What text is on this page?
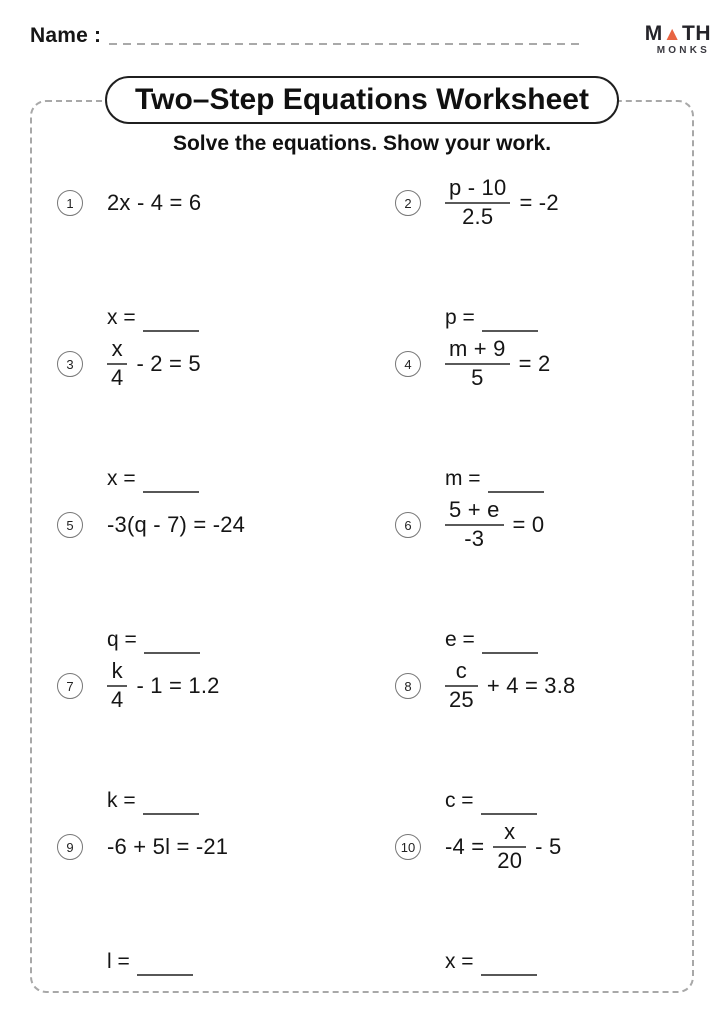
Name :	M▲TH
MONKS
Two–Step Equations Worksheet
Solve the equations. Show your work.
1 2x - 4 = 6
x =
$2 \frac{p - 10}{2.5} = -2$
p =
$3 \frac{x}{4} - 2 = 5$
x =
$4 \frac{m + 9}{5} = 2$
m =
5 -3(q - 7) = -24
q =
$6 \frac{5 + e}{-3} = 0$
e =
$7 \frac{k}{4} - 1 = 1.2$
k =
$8 \frac{c}{25} + 4 = 3.8$
c =
9 -6 + 5l = -21
l =
10 $-4 = \frac{x}{20} - 5$
x =
